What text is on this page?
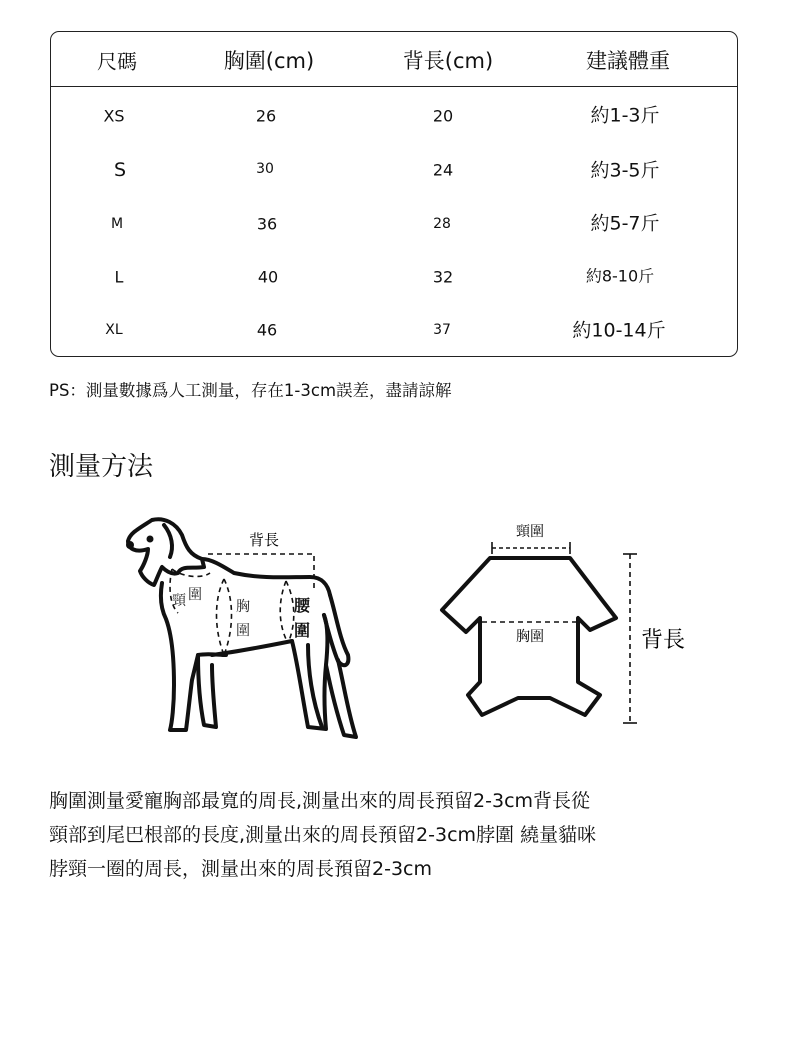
尺碼	胸圍(cm)	背長(cm)	建議體重
XS	26	20	約1-3斤
S	30	24	約3-5斤
M	36	28	約5-7斤
L	40	32	約8-10斤
XL	46	37	約10-14斤
PS：測量數據爲人工測量，存在1-3cm誤差，盡請諒解
測量方法
背長
頸 圍
胸
圍
腰
圍
頸圍
胸圍	背長
胸圍測量愛寵胸部最寬的周長,測量出來的周長預留2-3cm背長從
頸部到尾巴根部的長度,測量出來的周長預留2-3cm脖圍 繞量貓咪
脖頸一圈的周長，測量出來的周長預留2-3cm
